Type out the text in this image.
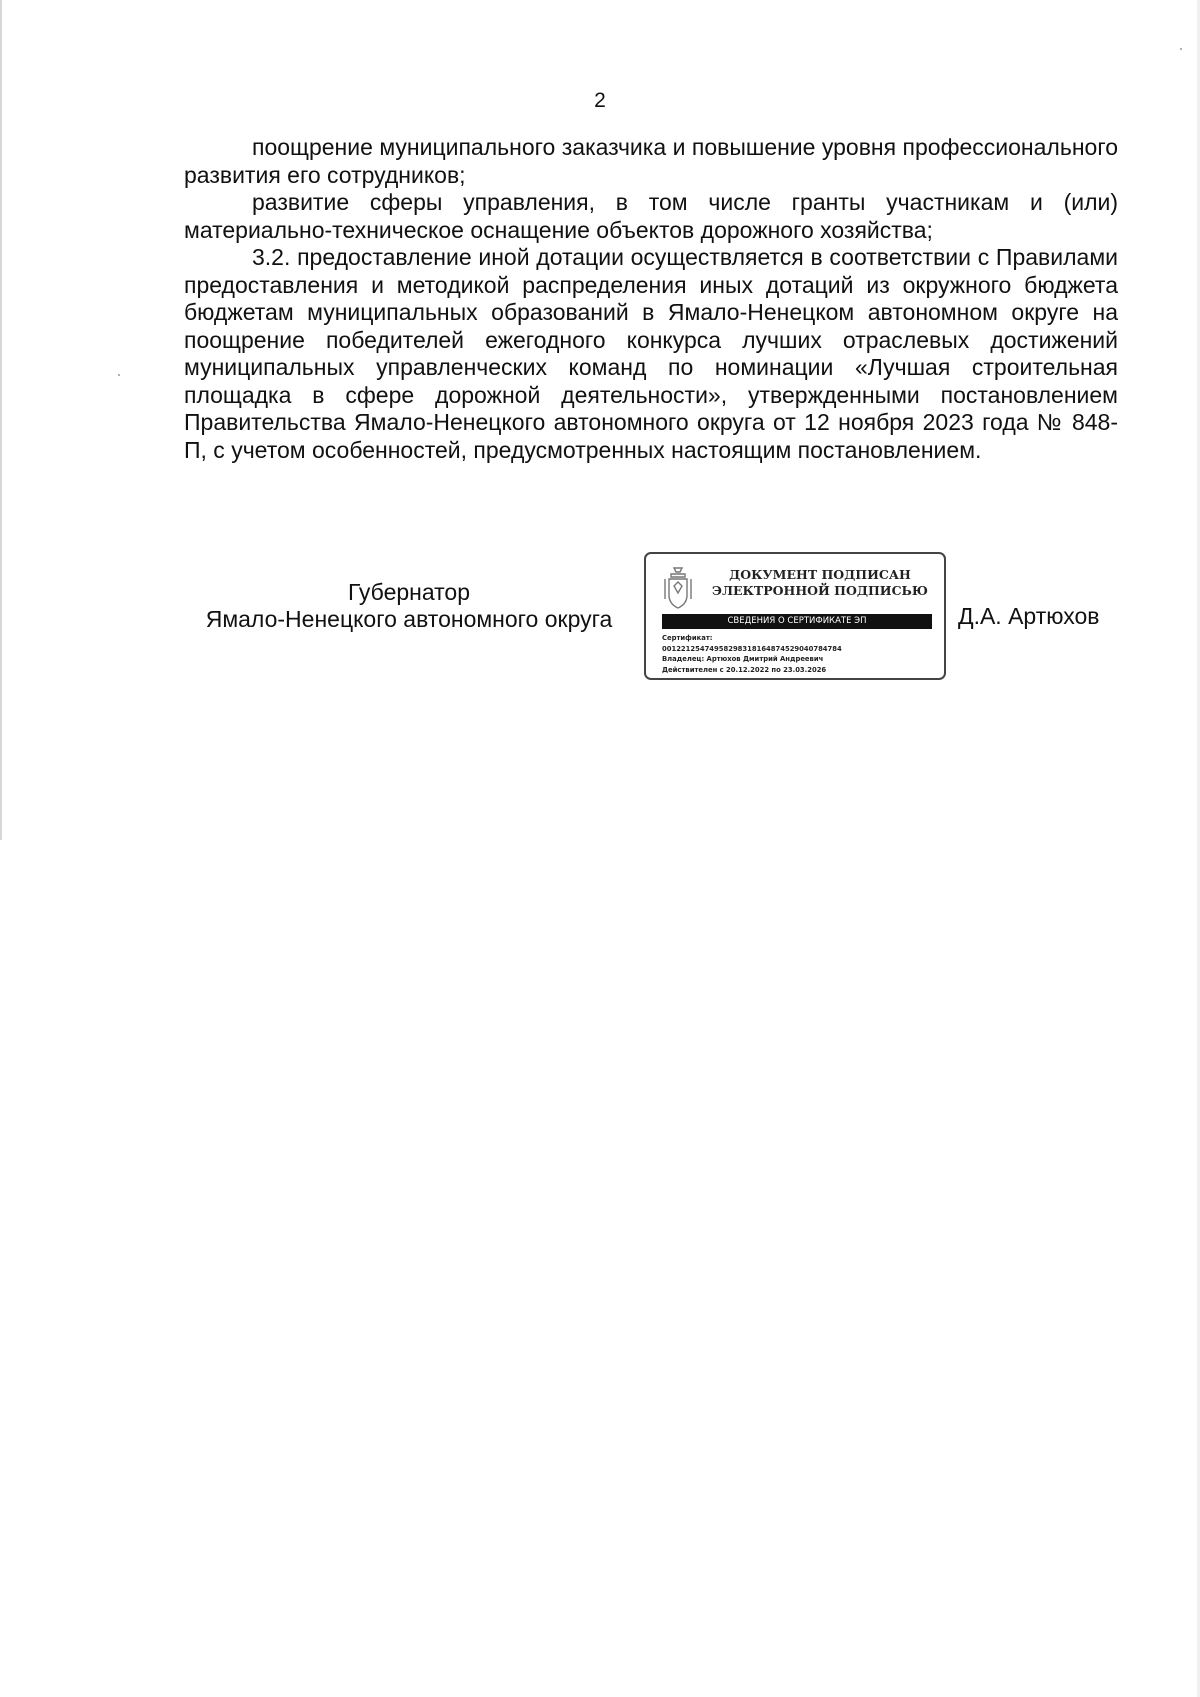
2

поощрение муниципального заказчика и повышение уровня профессионального развития его сотрудников;

развитие сферы управления, в том числе гранты участникам и (или) материально-техническое оснащение объектов дорожного хозяйства;

3.2. предоставление иной дотации осуществляется в соответствии с Правилами предоставления и методикой распределения иных дотаций из окружного бюджета бюджетам муниципальных образований в Ямало-Ненецком автономном округе на поощрение победителей ежегодного конкурса лучших отраслевых достижений муниципальных управленческих команд по номинации «Лучшая строительная площадка в сфере дорожной деятельности», утвержденными постановлением Правительства Ямало-Ненецкого автономного округа от 12 ноября 2023 года № 848-П, с учетом особенностей, предусмотренных настоящим постановлением.

Губернатор
Ямало-Ненецкого автономного округа
ДОКУМЕНТ ПОДПИСАН
ЭЛЕКТРОННОЙ ПОДПИСЬЮ
СВЕДЕНИЯ О СЕРТИФИКАТЕ ЭП
Сертификат:
00122125474958298318164874529040784784
Владелец: Артюхов Дмитрий Андреевич
Действителен с 20.12.2022 по 23.03.2026
Д.А. Артюхов
